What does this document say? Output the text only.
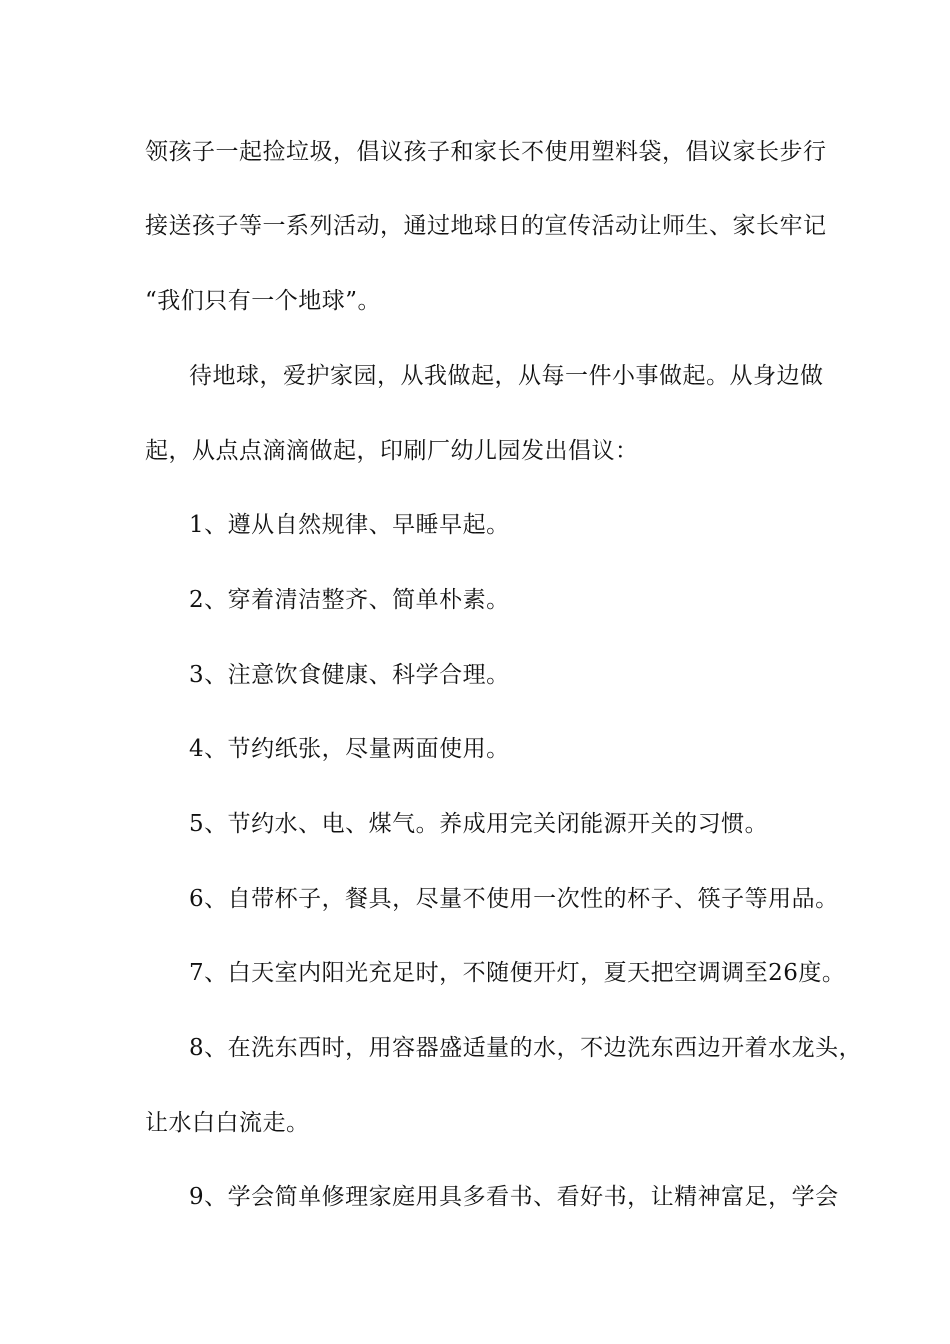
领孩子一起捡垃圾，倡议孩子和家长不使用塑料袋，倡议家长步行
接送孩子等一系列活动，通过地球日的宣传活动让师生、家长牢记
“我们只有一个地球”。
待地球，爱护家园，从我做起，从每一件小事做起。从身边做
起，从点点滴滴做起，印刷厂幼儿园发出倡议：
1、遵从自然规律、早睡早起。
2、穿着清洁整齐、简单朴素。
3、注意饮食健康、科学合理。
4、节约纸张，尽量两面使用。
5、节约水、电、煤气。养成用完关闭能源开关的习惯。
6、自带杯子，餐具，尽量不使用一次性的杯子、筷子等用品。
7、白天室内阳光充足时，不随便开灯，夏天把空调调至26度。
8、在洗东西时，用容器盛适量的水，不边洗东西边开着水龙头，
让水白白流走。
9、学会简单修理家庭用具多看书、看好书，让精神富足，学会
